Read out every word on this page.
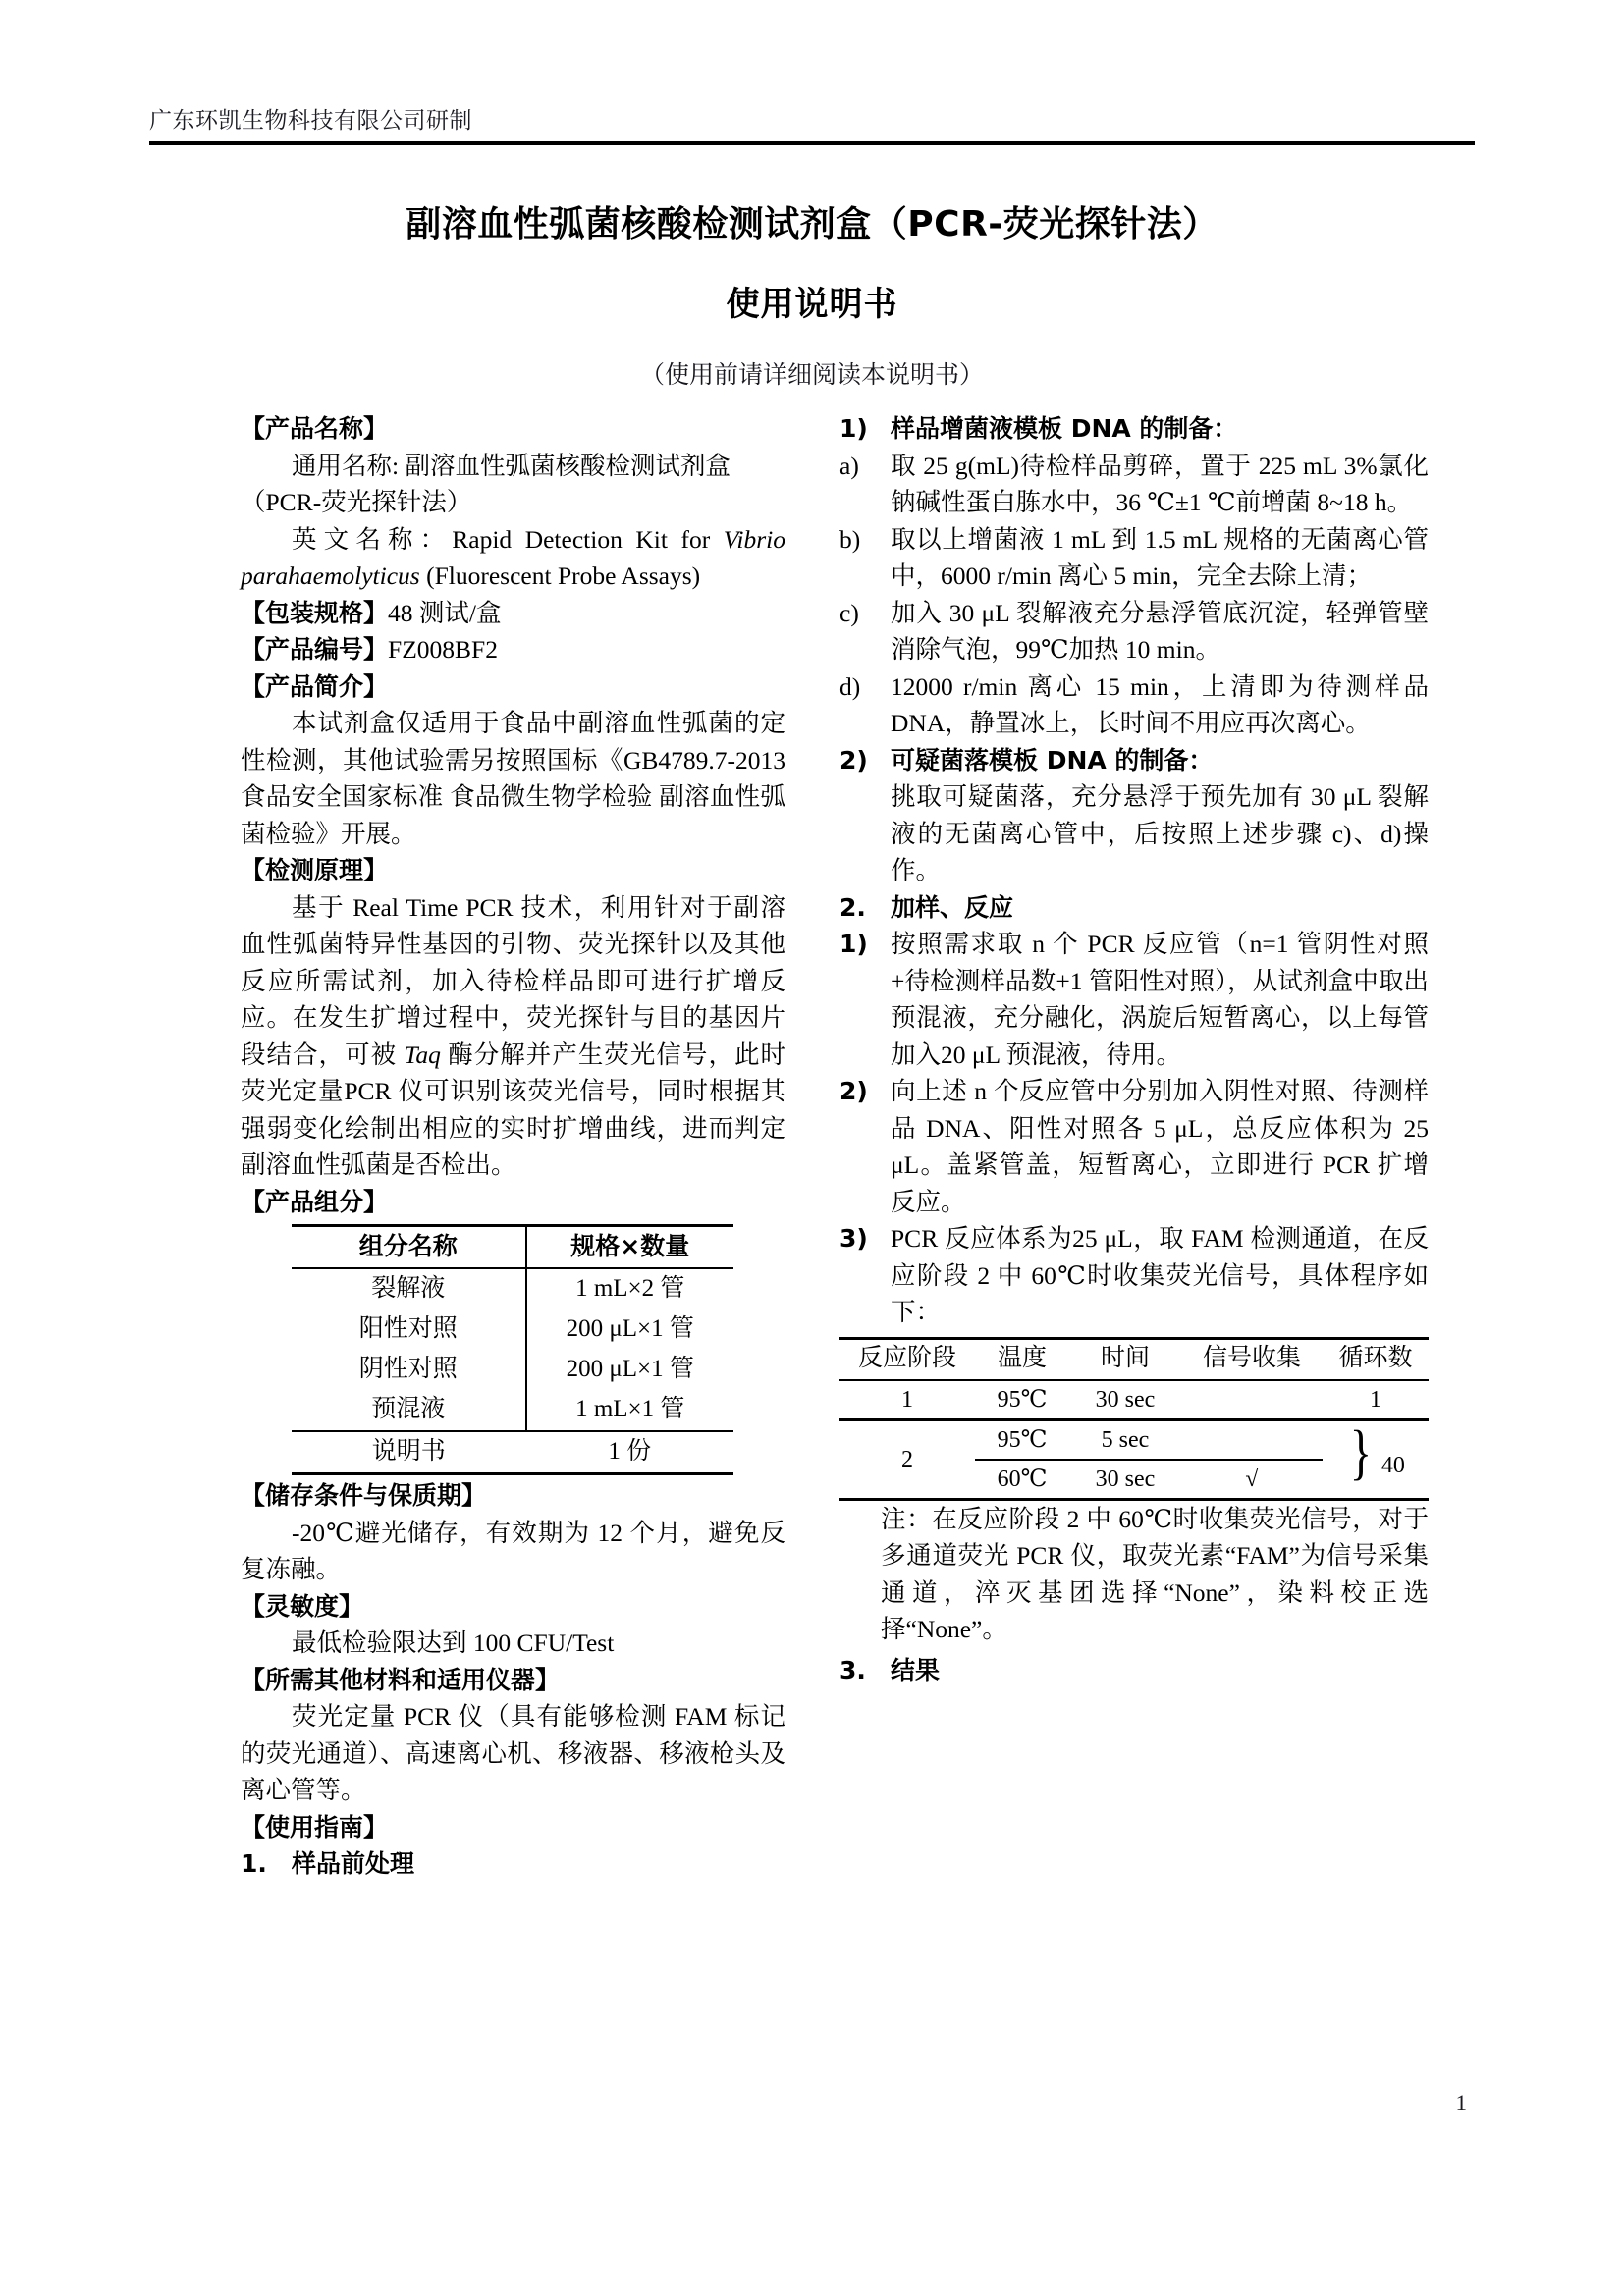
广东环凯生物科技有限公司研制
副溶血性弧菌核酸检测试剂盒（PCR-荧光探针法）
使用说明书
（使用前请详细阅读本说明书）
【产品名称】
通用名称: 副溶血性弧菌核酸检测试剂盒
（PCR-荧光探针法）
英文名称：Rapid Detection Kit for Vibrio parahaemolyticus (Fluorescent Probe Assays)
【包装规格】48 测试/盒
【产品编号】FZ008BF2
【产品简介】
本试剂盒仅适用于食品中副溶血性弧菌的定性检测，其他试验需另按照国标《GB4789.7-2013 食品安全国家标准 食品微生物学检验 副溶血性弧菌检验》开展。
【检测原理】
基于 Real Time PCR 技术，利用针对于副溶血性弧菌特异性基因的引物、荧光探针以及其他反应所需试剂，加入待检样品即可进行扩增反应。在发生扩增过程中，荧光探针与目的基因片段结合，可被 Taq 酶分解并产生荧光信号，此时荧光定量PCR 仪可识别该荧光信号，同时根据其强弱变化绘制出相应的实时扩增曲线，进而判定副溶血性弧菌是否检出。
【产品组分】
组分名称	规格×数量
裂解液	1 mL×2 管
阳性对照	200 μL×1 管
阴性对照	200 μL×1 管
预混液	1 mL×1 管
说明书	1 份
【储存条件与保质期】
-20℃避光储存，有效期为 12 个月，避免反复冻融。
【灵敏度】
最低检验限达到 100 CFU/Test
【所需其他材料和适用仪器】
荧光定量 PCR 仪（具有能够检测 FAM 标记的荧光通道）、高速离心机、移液器、移液枪头及离心管等。
【使用指南】
1.	样品前处理
1) 样品增菌液模板 DNA 的制备：
a)	取 25 g(mL)待检样品剪碎，置于 225 mL 3%氯化钠碱性蛋白胨水中，36 ℃±1 ℃前增菌 8~18 h。
b)	取以上增菌液 1 mL 到 1.5 mL 规格的无菌离心管中，6000 r/min 离心 5 min，完全去除上清；
c)	加入 30 μL 裂解液充分悬浮管底沉淀，轻弹管壁消除气泡，99℃加热 10 min。
d)	12000 r/min 离心 15 min，上清即为待测样品 DNA，静置冰上，长时间不用应再次离心。
2) 可疑菌落模板 DNA 的制备：
挑取可疑菌落，充分悬浮于预先加有 30 μL 裂解液的无菌离心管中，后按照上述步骤 c)、d)操作。
2.	加样、反应
1) 按照需求取 n 个 PCR 反应管（n=1 管阴性对照+待检测样品数+1 管阳性对照），从试剂盒中取出预混液，充分融化，涡旋后短暂离心，以上每管加入20 μL 预混液，待用。
2) 向上述 n 个反应管中分别加入阴性对照、待测样品 DNA、阳性对照各 5 μL，总反应体积为 25 μL。盖紧管盖，短暂离心，立即进行 PCR 扩增反应。
3) PCR 反应体系为25 μL，取 FAM 检测通道，在反应阶段 2 中 60℃时收集荧光信号，具体程序如下：
反应阶段	温度	时间	信号收集	循环数
1	95℃	30 sec		1
2	95℃	5 sec		} 40
	60℃	30 sec	√	

注：在反应阶段 2 中 60℃时收集荧光信号，对于多通道荧光 PCR 仪，取荧光素“FAM”为信号采集通道，淬灭基团选择“None”，染料校正选择“None”。
3.	结果
1
